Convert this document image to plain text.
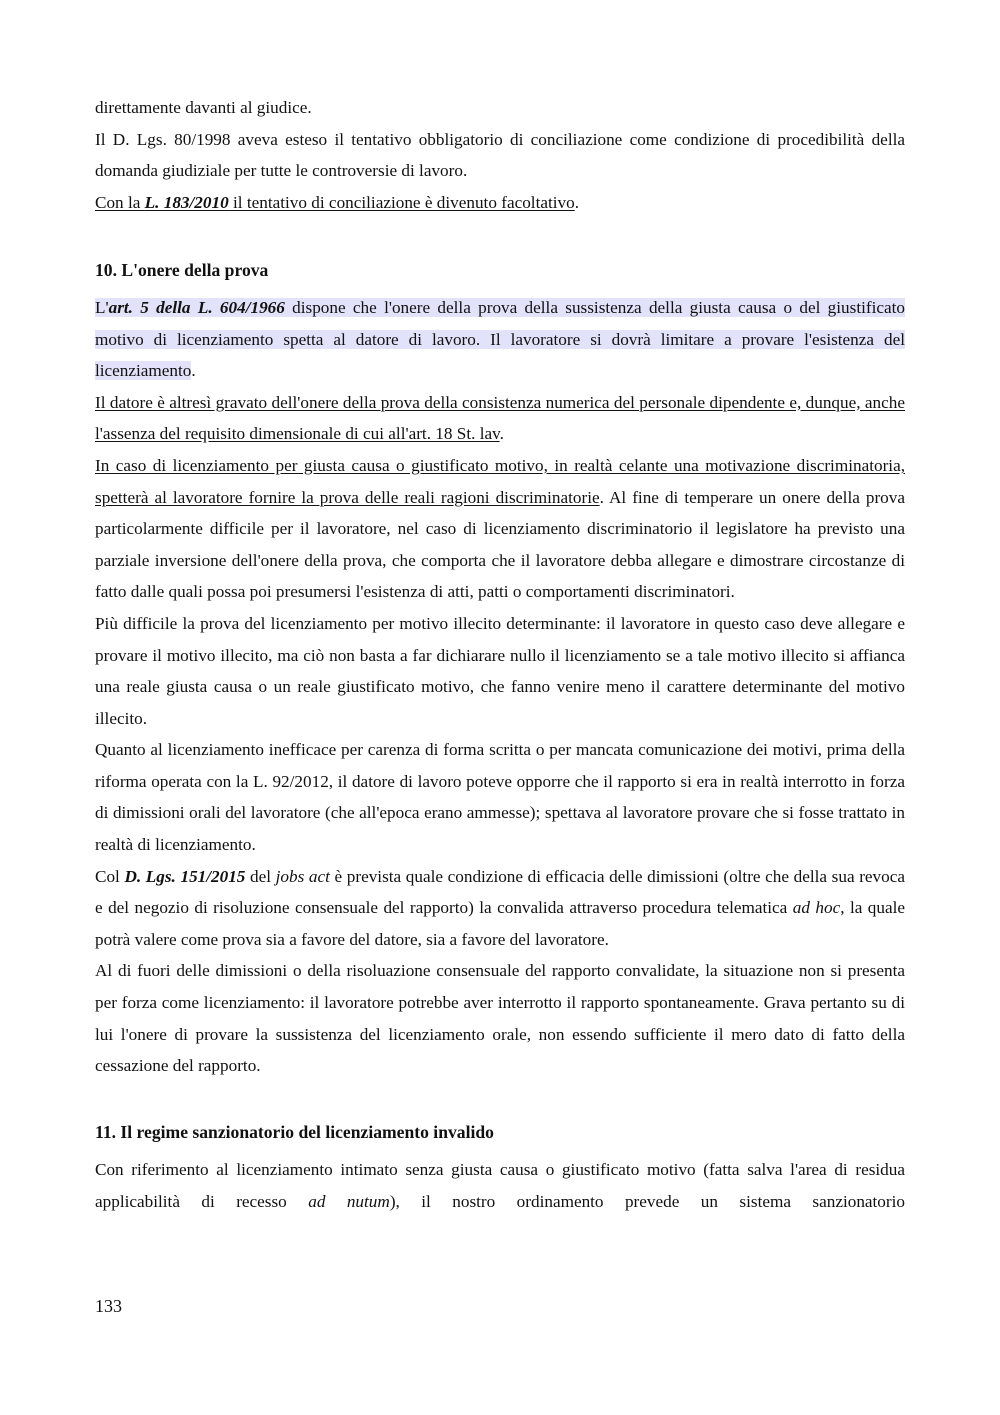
direttamente davanti al giudice.

Il D. Lgs. 80/1998 aveva esteso il tentativo obbligatorio di conciliazione come condizione di procedibilità della domanda giudiziale per tutte le controversie di lavoro.

Con la L. 183/2010 il tentativo di conciliazione è divenuto facoltativo.

10. L'onere della prova

L'art. 5 della L. 604/1966 dispone che l'onere della prova della sussistenza della giusta causa o del giustificato motivo di licenziamento spetta al datore di lavoro. Il lavoratore si dovrà limitare a provare l'esistenza del licenziamento.

Il datore è altresì gravato dell'onere della prova della consistenza numerica del personale dipendente e, dunque, anche l'assenza del requisito dimensionale di cui all'art. 18 St. lav.

In caso di licenziamento per giusta causa o giustificato motivo, in realtà celante una motivazione discriminatoria, spetterà al lavoratore fornire la prova delle reali ragioni discriminatorie. Al fine di temperare un onere della prova particolarmente difficile per il lavoratore, nel caso di licenziamento discriminatorio il legislatore ha previsto una parziale inversione dell'onere della prova, che comporta che il lavoratore debba allegare e dimostrare circostanze di fatto dalle quali possa poi presumersi l'esistenza di atti, patti o comportamenti discriminatori.

Più difficile la prova del licenziamento per motivo illecito determinante: il lavoratore in questo caso deve allegare e provare il motivo illecito, ma ciò non basta a far dichiarare nullo il licenziamento se a tale motivo illecito si affianca una reale giusta causa o un reale giustificato motivo, che fanno venire meno il carattere determinante del motivo illecito.

Quanto al licenziamento inefficace per carenza di forma scritta o per mancata comunicazione dei motivi, prima della riforma operata con la L. 92/2012, il datore di lavoro poteve opporre che il rapporto si era in realtà interrotto in forza di dimissioni orali del lavoratore (che all'epoca erano ammesse); spettava al lavoratore provare che si fosse trattato in realtà di licenziamento.

Col D. Lgs. 151/2015 del jobs act è prevista quale condizione di efficacia delle dimissioni (oltre che della sua revoca e del negozio di risoluzione consensuale del rapporto) la convalida attraverso procedura telematica ad hoc, la quale potrà valere come prova sia a favore del datore, sia a favore del lavoratore.

Al di fuori delle dimissioni o della risoluazione consensuale del rapporto convalidate, la situazione non si presenta per forza come licenziamento: il lavoratore potrebbe aver interrotto il rapporto spontaneamente. Grava pertanto su di lui l'onere di provare la sussistenza del licenziamento orale, non essendo sufficiente il mero dato di fatto della cessazione del rapporto.

11. Il regime sanzionatorio del licenziamento invalido

Con riferimento al licenziamento intimato senza giusta causa o giustificato motivo (fatta salva l'area di residua applicabilità di recesso ad nutum), il nostro ordinamento prevede un sistema sanzionatorio

133
